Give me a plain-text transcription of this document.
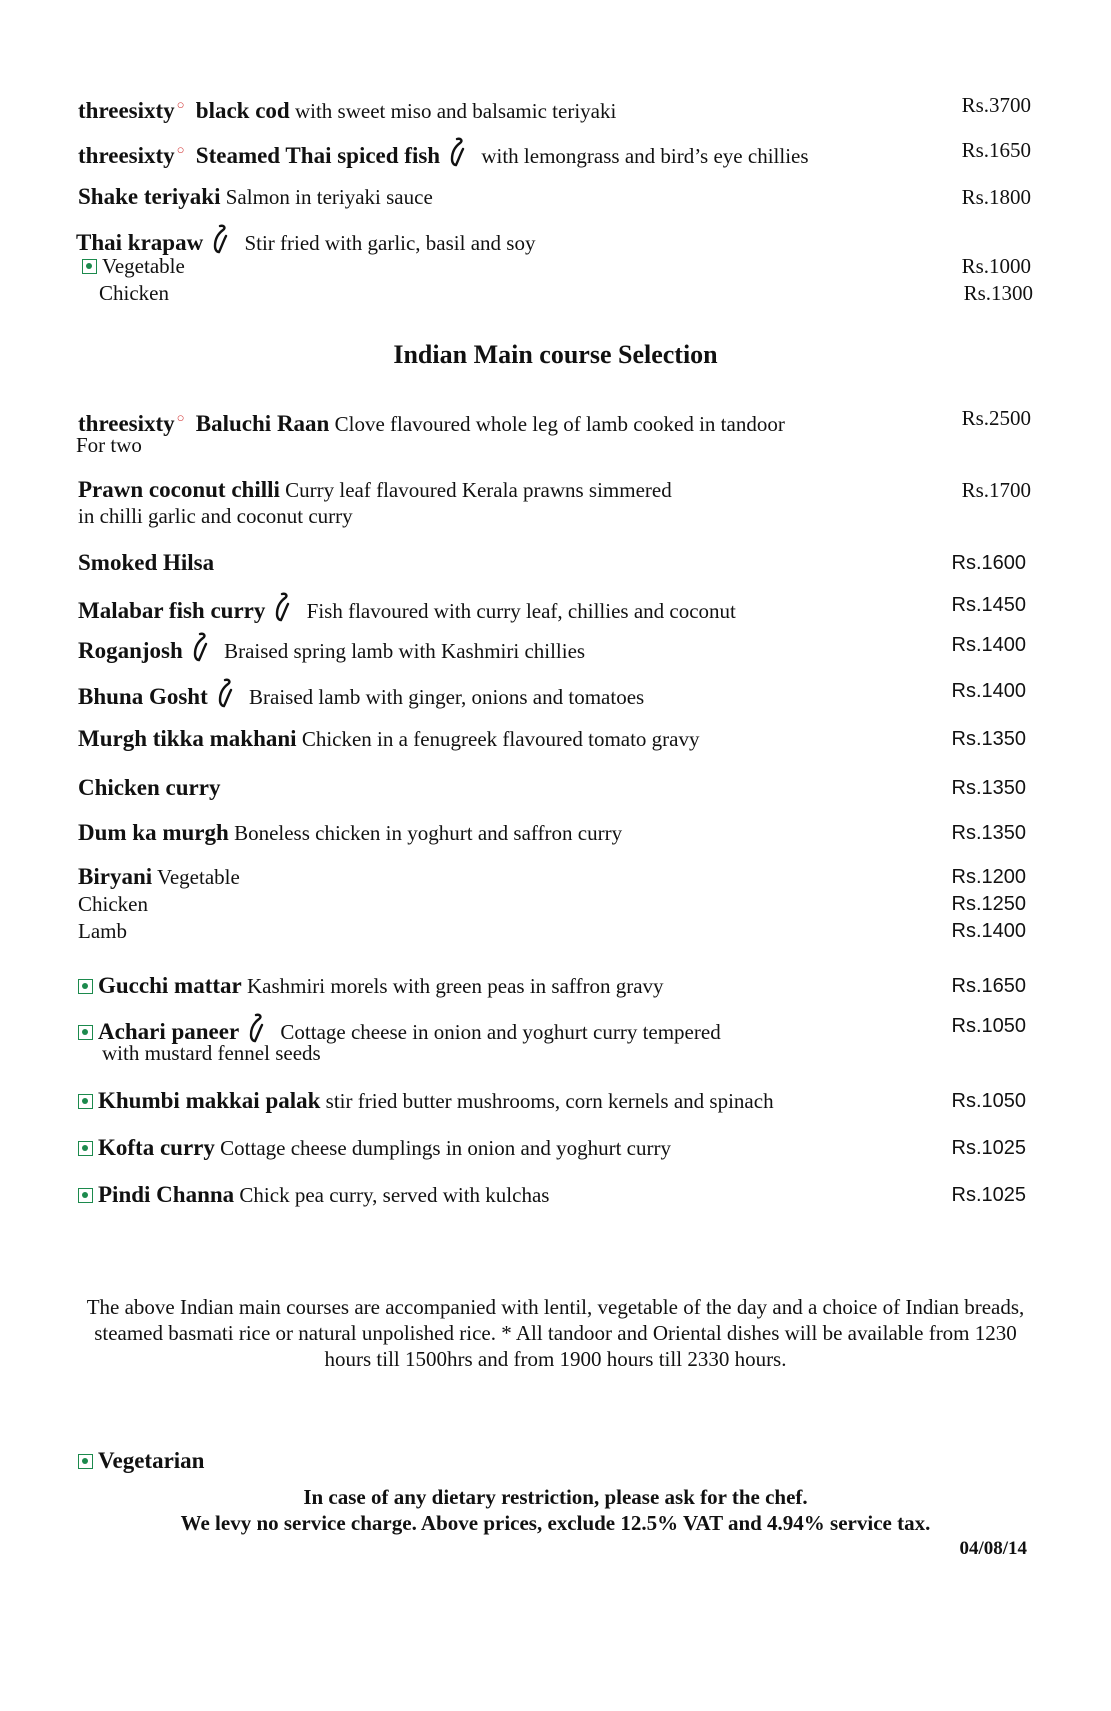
threesixty ○ black cod with sweet miso and balsamic teriyaki	Rs.3700
threesixty ○ Steamed Thai spiced fish with lemongrass and bird’s eye chillies	Rs.1650
Shake teriyaki Salmon in teriyaki sauce	Rs.1800
Thai krapaw Stir fried with garlic, basil and soy
Vegetable	Rs.1000
Chicken	Rs.1300
Indian Main course Selection
threesixty ○ Baluchi Raan Clove flavoured whole leg of lamb cooked in tandoor	Rs.2500
For two
Prawn coconut chilli Curry leaf flavoured Kerala prawns simmered	Rs.1700
in chilli garlic and coconut curry
Smoked Hilsa	Rs.1600
Malabar fish curry Fish flavoured with curry leaf, chillies and coconut	Rs.1450
Roganjosh Braised spring lamb with Kashmiri chillies	Rs.1400
Bhuna Gosht Braised lamb with ginger, onions and tomatoes	Rs.1400
Murgh tikka makhani Chicken in a fenugreek flavoured tomato gravy	Rs.1350
Chicken curry	Rs.1350
Dum ka murgh Boneless chicken in yoghurt and saffron curry	Rs.1350
Biryani Vegetable	Rs.1200
Chicken	Rs.1250
Lamb	Rs.1400
Gucchi mattar Kashmiri morels with green peas in saffron gravy	Rs.1650
Achari paneer Cottage cheese in onion and yoghurt curry tempered	Rs.1050
with mustard fennel seeds
Khumbi makkai palak stir fried butter mushrooms, corn kernels and spinach	Rs.1050
Kofta curry Cottage cheese dumplings in onion and yoghurt curry	Rs.1025
Pindi Channa Chick pea curry, served with kulchas	Rs.1025
The above Indian main courses are accompanied with lentil, vegetable of the day and a choice of Indian breads, steamed basmati rice or natural unpolished rice. * All tandoor and Oriental dishes will be available from 1230 hours till 1500hrs and from 1900 hours till 2330 hours.
Vegetarian
In case of any dietary restriction, please ask for the chef.
We levy no service charge. Above prices, exclude 12.5% VAT and 4.94% service tax.
04/08/14
